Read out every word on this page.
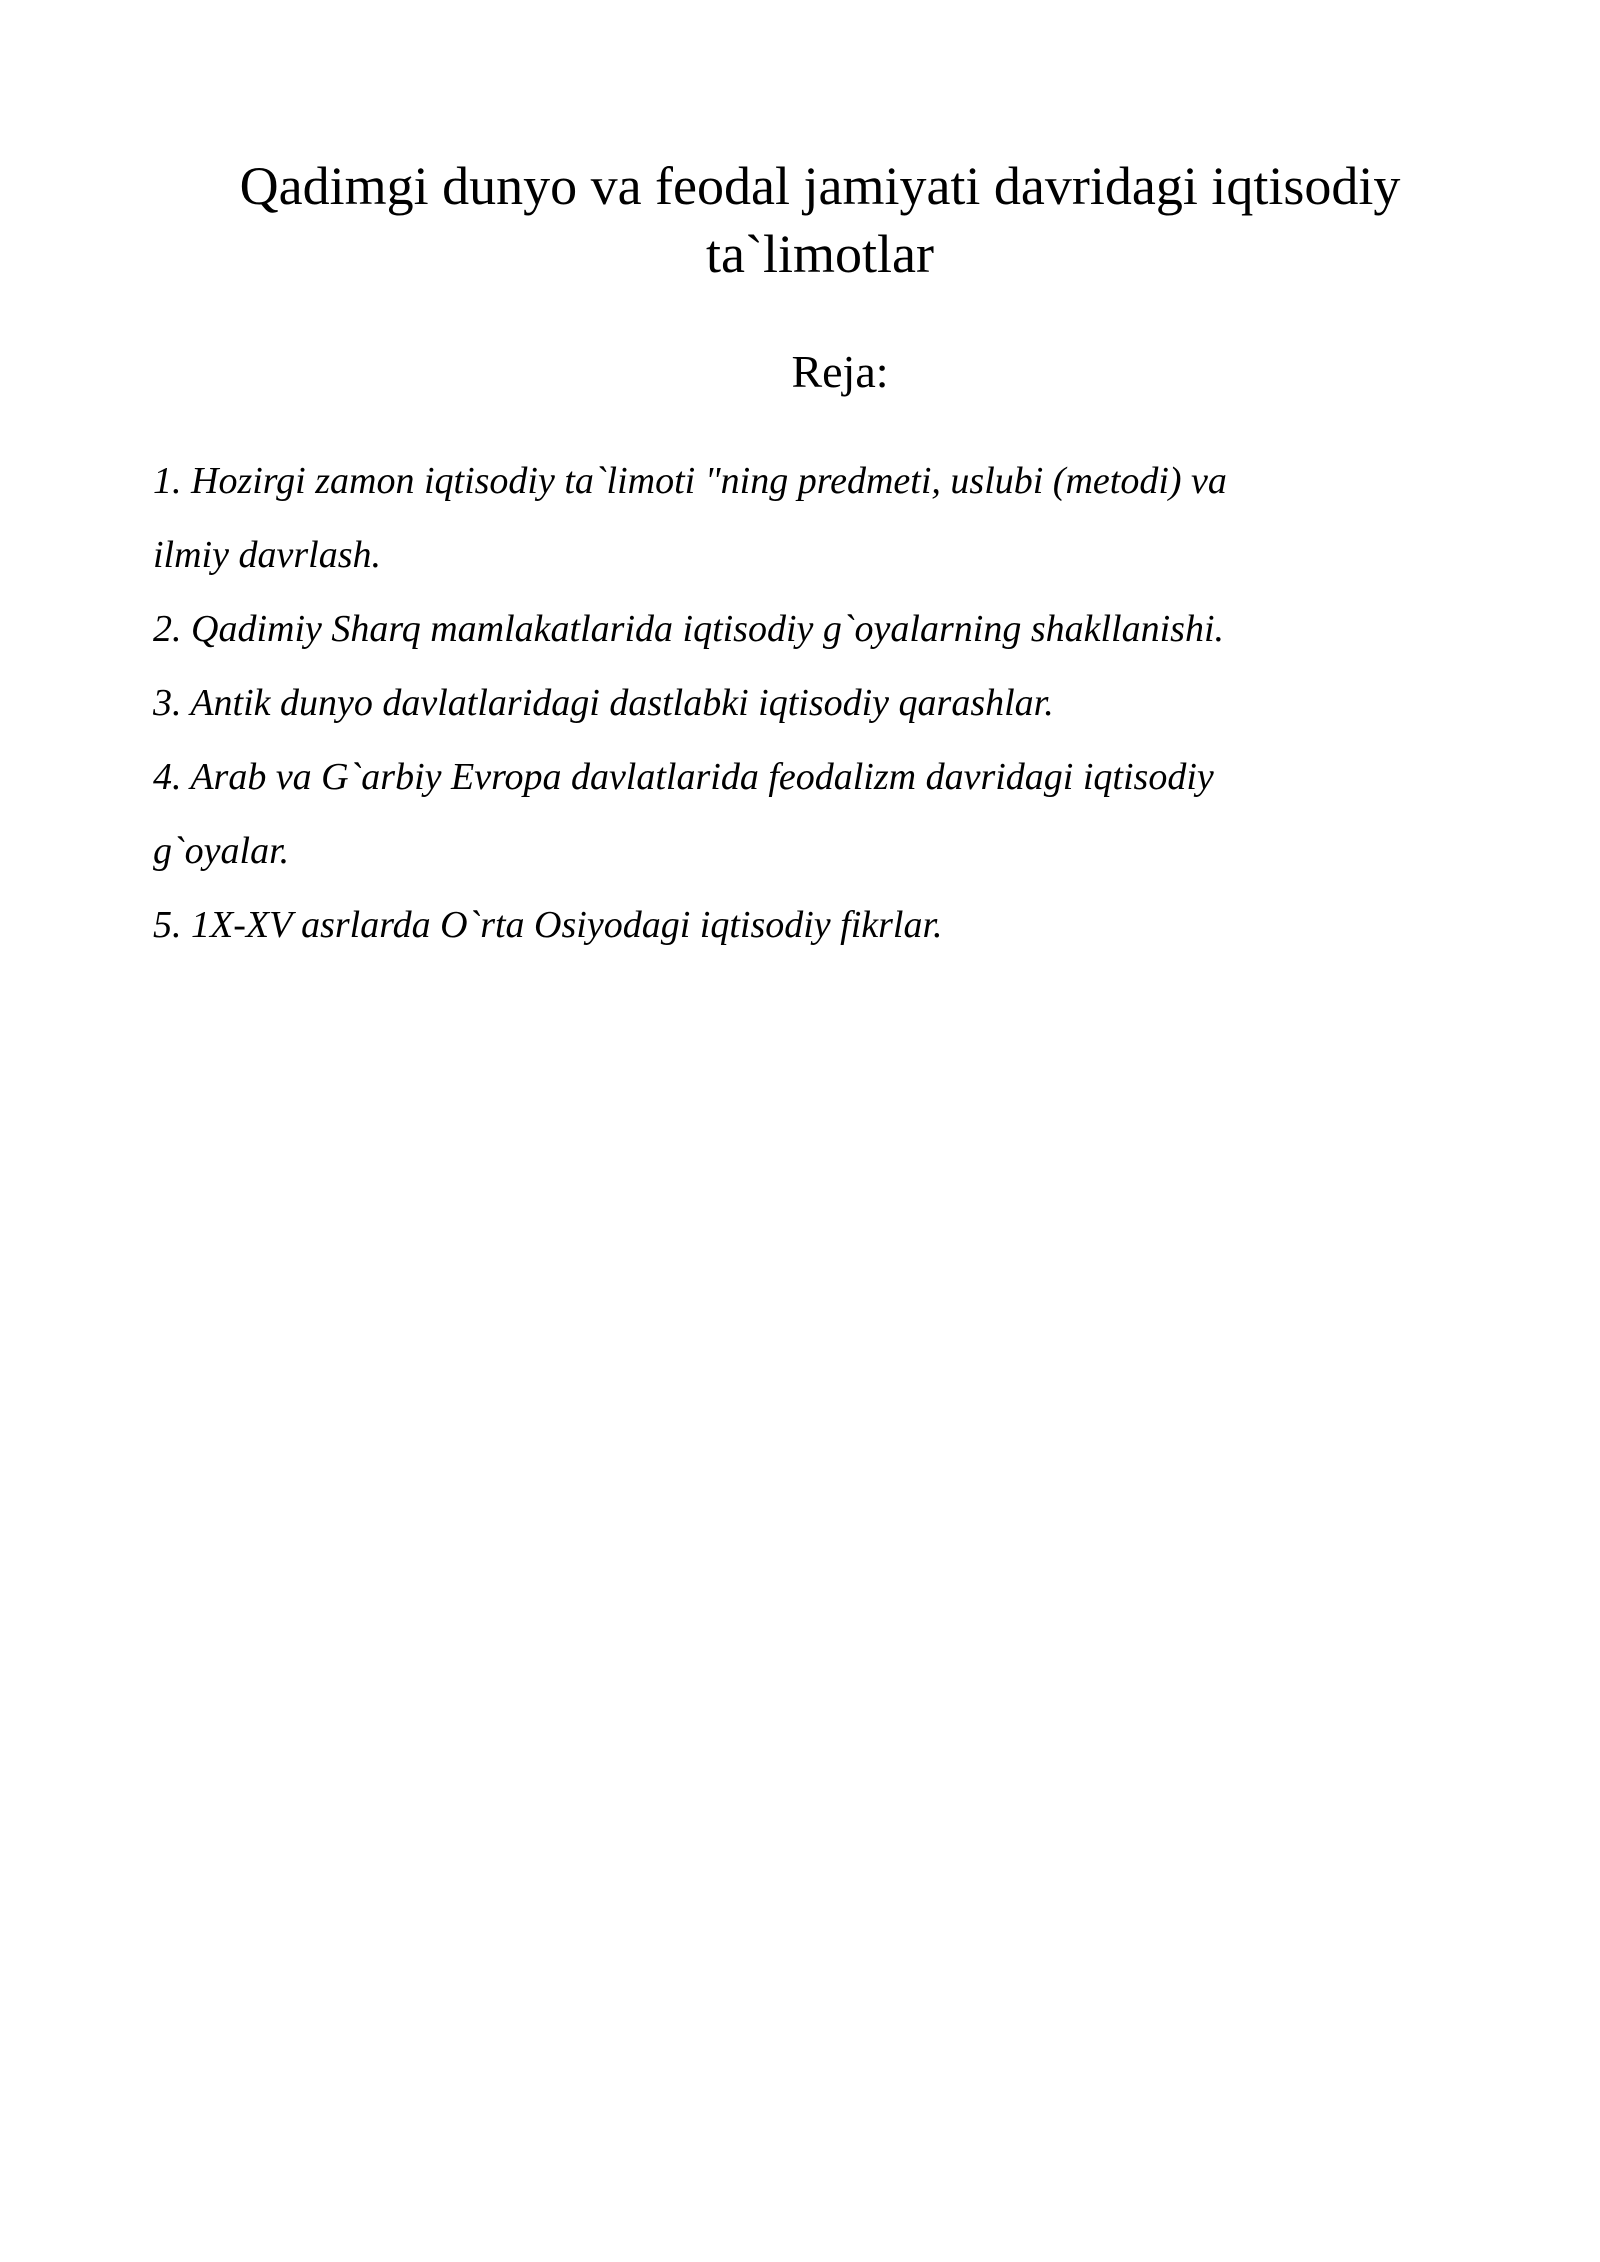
Qadimgi dunyo va feodal jamiyati davridagi iqtisodiy
ta`limotlar
Reja:
1. Hozirgi zamon iqtisodiy ta`limoti "ning predmeti, uslubi (metodi) va
ilmiy davrlash.
2. Qadimiy Sharq mamlakatlarida iqtisodiy g`oyalarning shakllanishi.
3. Antik dunyo davlatlaridagi dastlabki iqtisodiy qarashlar.
4. Arab va G`arbiy Evropa davlatlarida feodalizm davridagi iqtisodiy
g`oyalar.
5. 1X-XV asrlarda O`rta Osiyodagi iqtisodiy fikrlar.
